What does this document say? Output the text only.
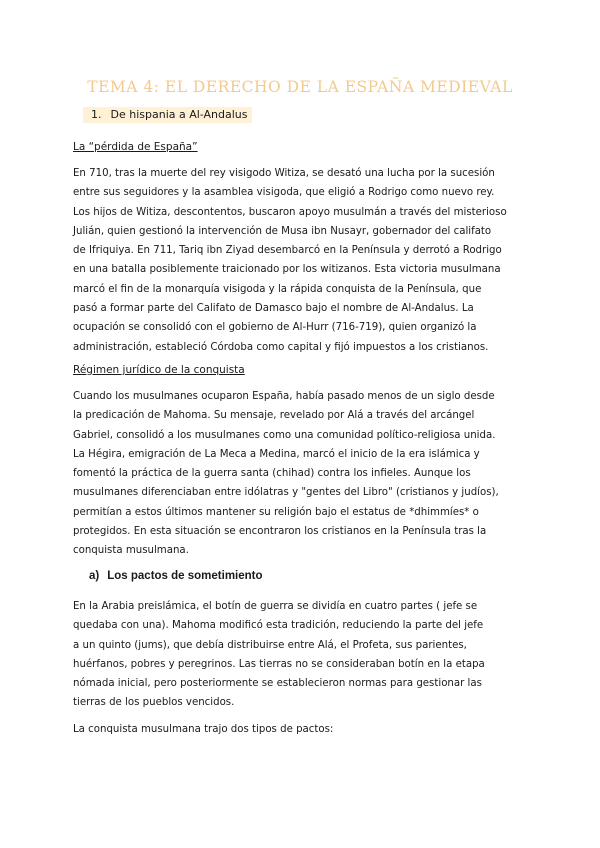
TEMA 4: EL DERECHO DE LA ESPAÑA MEDIEVAL
1. De hispania a Al-Andalus
La “pérdida de España”
En 710, tras la muerte del rey visigodo Witiza, se desató una lucha por la sucesión
entre sus seguidores y la asamblea visigoda, que eligió a Rodrigo como nuevo rey.
Los hijos de Witiza, descontentos, buscaron apoyo musulmán a través del misterioso
Julián, quien gestionó la intervención de Musa ibn Nusayr, gobernador del califato
de Ifriquiya. En 711, Tariq ibn Ziyad desembarcó en la Península y derrotó a Rodrigo
en una batalla posiblemente traicionado por los witizanos. Esta victoria musulmana
marcó el fin de la monarquía visigoda y la rápida conquista de la Península, que
pasó a formar parte del Califato de Damasco bajo el nombre de Al-Andalus. La
ocupación se consolidó con el gobierno de Al-Hurr (716-719), quien organizó la
administración, estableció Córdoba como capital y fijó impuestos a los cristianos.
Régimen jurídico de la conquista
Cuando los musulmanes ocuparon España, había pasado menos de un siglo desde
la predicación de Mahoma. Su mensaje, revelado por Alá a través del arcángel
Gabriel, consolidó a los musulmanes como una comunidad político-religiosa unida.
La Hégira, emigración de La Meca a Medina, marcó el inicio de la era islámica y
fomentó la práctica de la guerra santa (chihad) contra los infieles. Aunque los
musulmanes diferenciaban entre idólatras y "gentes del Libro" (cristianos y judíos),
permitían a estos últimos mantener su religión bajo el estatus de *dhimmíes* o
protegidos. En esta situación se encontraron los cristianos en la Península tras la
conquista musulmana.
a) Los pactos de sometimiento
En la Arabia preislámica, el botín de guerra se dividía en cuatro partes ( jefe se
quedaba con una). Mahoma modificó esta tradición, reduciendo la parte del jefe
a un quinto (jums), que debía distribuirse entre Alá, el Profeta, sus parientes,
huérfanos, pobres y peregrinos. Las tierras no se consideraban botín en la etapa
nómada inicial, pero posteriormente se establecieron normas para gestionar las
tierras de los pueblos vencidos.
La conquista musulmana trajo dos tipos de pactos:
